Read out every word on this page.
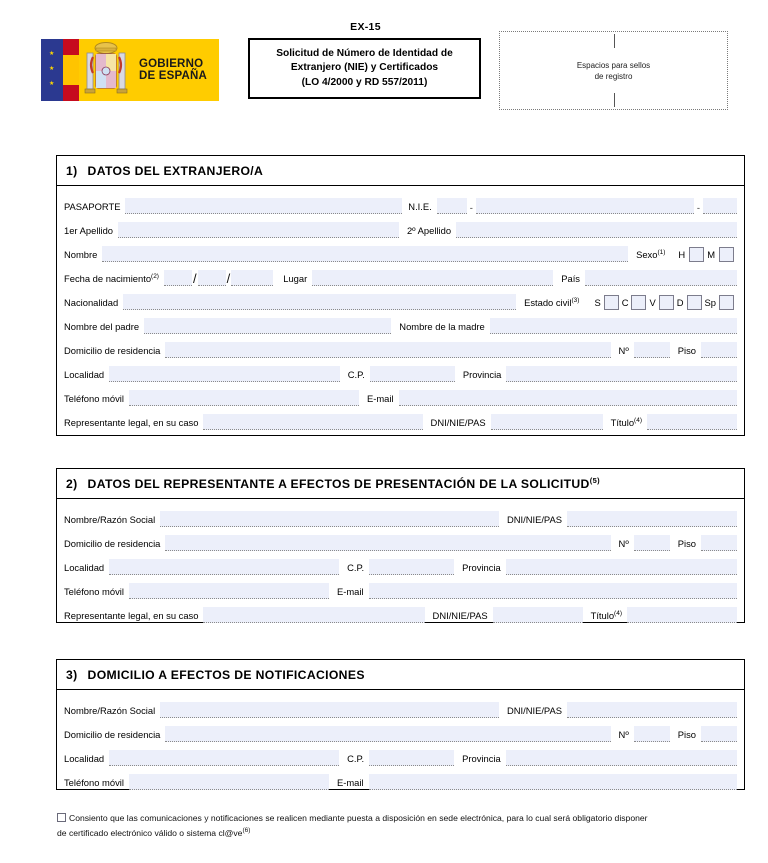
★
★
★
GOBIERNO
DE ESPAÑA
EX-15
Solicitud de Número de Identidad de
Extranjero (NIE) y Certificados
(LO 4/2000 y RD 557/2011)
Espacios para sellos
de registro
1) DATOS DEL EXTRANJERO/A
PASAPORTE	N.I.E.	-	-
1er Apellido	2º Apellido
Nombre	Sexo$^{(1)}$	H M
Fecha de nacimiento$^{(2)}$	/ /	Lugar	País
Nacionalidad	Estado civil$^{(3)}$	S C V D Sp
Nombre del padre	Nombre de la madre
Domicilio de residencia	Nº	Piso
Localidad	C.P.	Provincia
Teléfono móvil	E-mail
Representante legal, en su caso	DNI/NIE/PAS	Título$^{(4)}$
2) DATOS DEL REPRESENTANTE A EFECTOS DE PRESENTACIÓN DE LA SOLICITUD$^{(5)}$
Nombre/Razón Social	DNI/NIE/PAS
Domicilio de residencia	Nº	Piso
Localidad	C.P.	Provincia
Teléfono móvil	E-mail
Representante legal, en su caso	DNI/NIE/PAS	Título$^{(4)}$
3) DOMICILIO A EFECTOS DE NOTIFICACIONES
Nombre/Razón Social	DNI/NIE/PAS
Domicilio de residencia	Nº	Piso
Localidad	C.P.	Provincia
Teléfono móvil	E-mail
Consiento que las comunicaciones y notificaciones se realicen mediante puesta a disposición en sede electrónica, para lo cual será obligatorio disponer
de certificado electrónico válido o sistema $cl@ve^{(6)}$
